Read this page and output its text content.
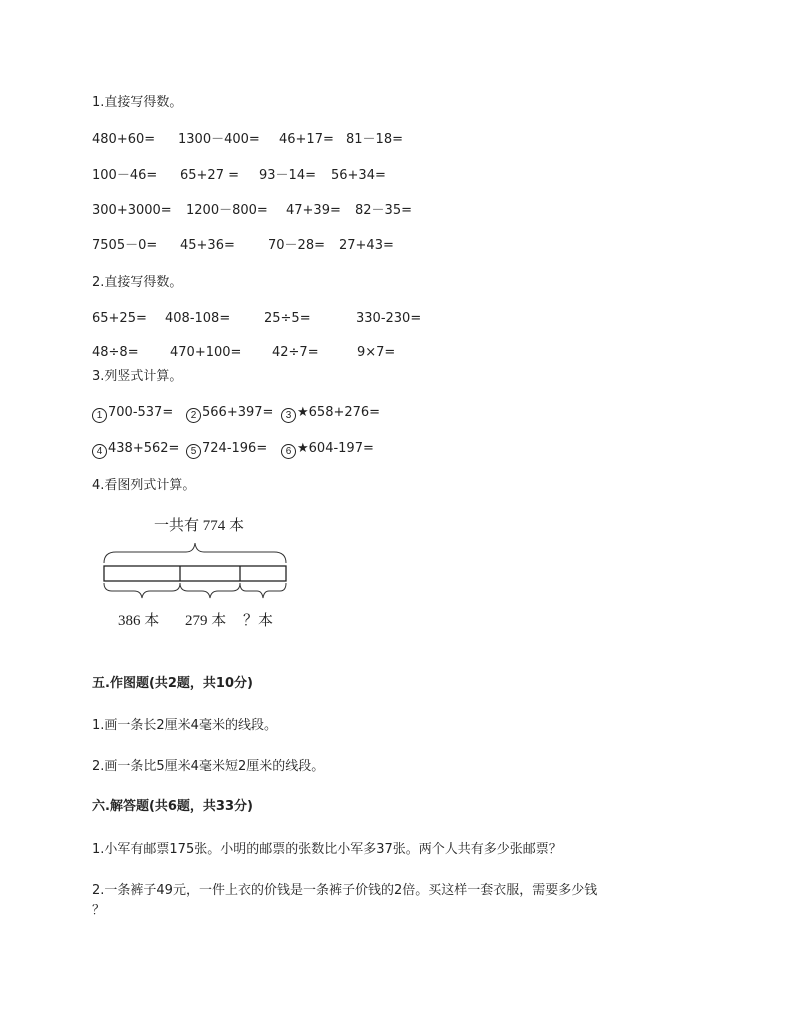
1.直接写得数。
480+60= 1300－400= 46+17= 81－18=
100－46= 65+27 = 93－14= 56+34=
300+3000= 1200－800= 47+39= 82－35=
7505－0= 45+36=	70－28= 27+43=
2.直接写得数。
65+25= 408-108=	25÷5=	330-230=
48÷8= 470+100= 42÷7=	9×7=
3.列竖式计算。
1 700-537=	2 566+397=	3 ★658+276=
4 438+562=	5 724-196=	6 ★604-197=
4.看图列式计算。
一共有 774 本
386 本 279 本 ？本
五.作图题(共2题，共10分)
1.画一条长2厘米4毫米的线段。
2.画一条比5厘米4毫米短2厘米的线段。
六.解答题(共6题，共33分)
1.小军有邮票175张。小明的邮票的张数比小军多37张。两个人共有多少张邮票？
2.一条裤子49元，一件上衣的价钱是一条裤子价钱的2倍。买这样一套衣服，需要多少钱
？
